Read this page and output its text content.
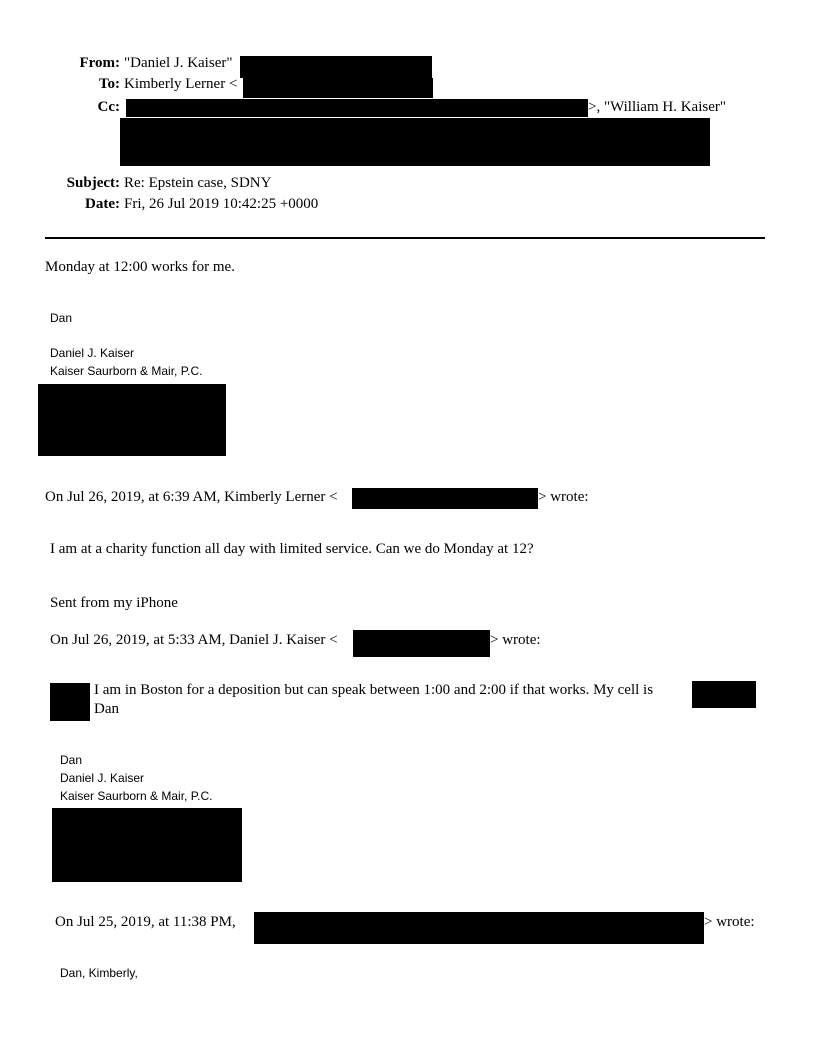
From: "Daniel J. Kaiser"
To: Kimberly Lerner <
Cc:	>, "William H. Kaiser"
Subject: Re: Epstein case, SDNY
Date: Fri, 26 Jul 2019 10:42:25 +0000
Monday at 12:00 works for me.
Dan
Daniel J. Kaiser
Kaiser Saurborn & Mair, P.C.
On Jul 26, 2019, at 6:39 AM, Kimberly Lerner <	> wrote:
I am at a charity function all day with limited service. Can we do Monday at 12?
Sent from my iPhone
On Jul 26, 2019, at 5:33 AM, Daniel J. Kaiser <	> wrote:
I am in Boston for a deposition but can speak between 1:00 and 2:00 if that works. My cell is
Dan
Dan
Daniel J. Kaiser
Kaiser Saurborn & Mair, P.C.
On Jul 25, 2019, at 11:38 PM,	> wrote:
Dan, Kimberly,
